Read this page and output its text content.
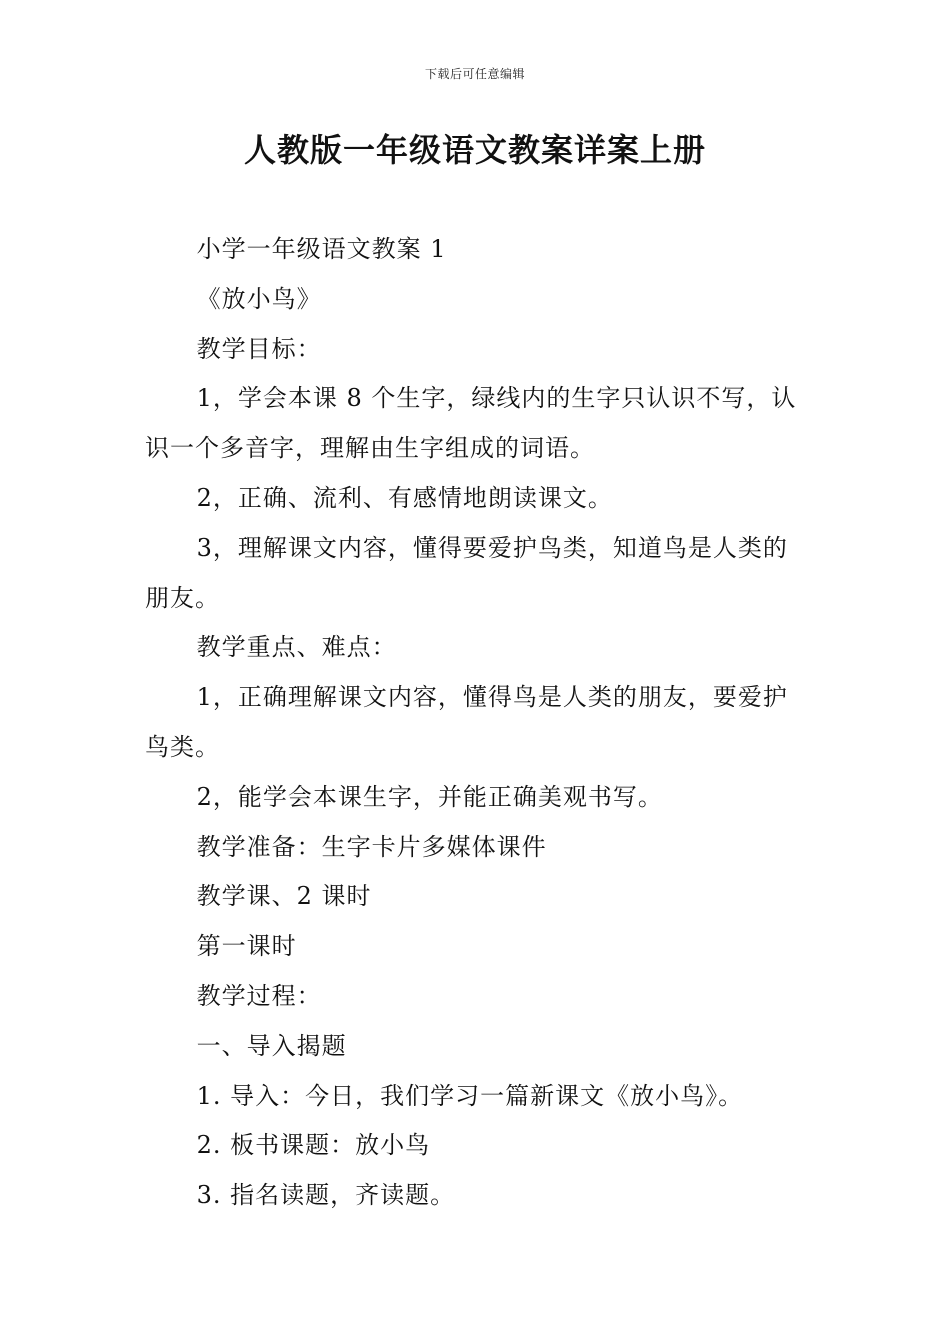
下载后可任意编辑
人教版一年级语文教案详案上册

小学一年级语文教案 1

《放小鸟》

教学目标：

1，学会本课 8 个生字，绿线内的生字只认识不写，认识一个多音字，理解由生字组成的词语。

2，正确、流利、有感情地朗读课文。

3，理解课文内容，懂得要爱护鸟类，知道鸟是人类的朋友。

教学重点、难点：

1，正确理解课文内容，懂得鸟是人类的朋友，要爱护鸟类。

2，能学会本课生字，并能正确美观书写。

教学准备：生字卡片多媒体课件

教学课、2 课时

第一课时

教学过程：

一、导入揭题

1. 导入：今日，我们学习一篇新课文《放小鸟》。

2. 板书课题：放小鸟

3. 指名读题，齐读题。
